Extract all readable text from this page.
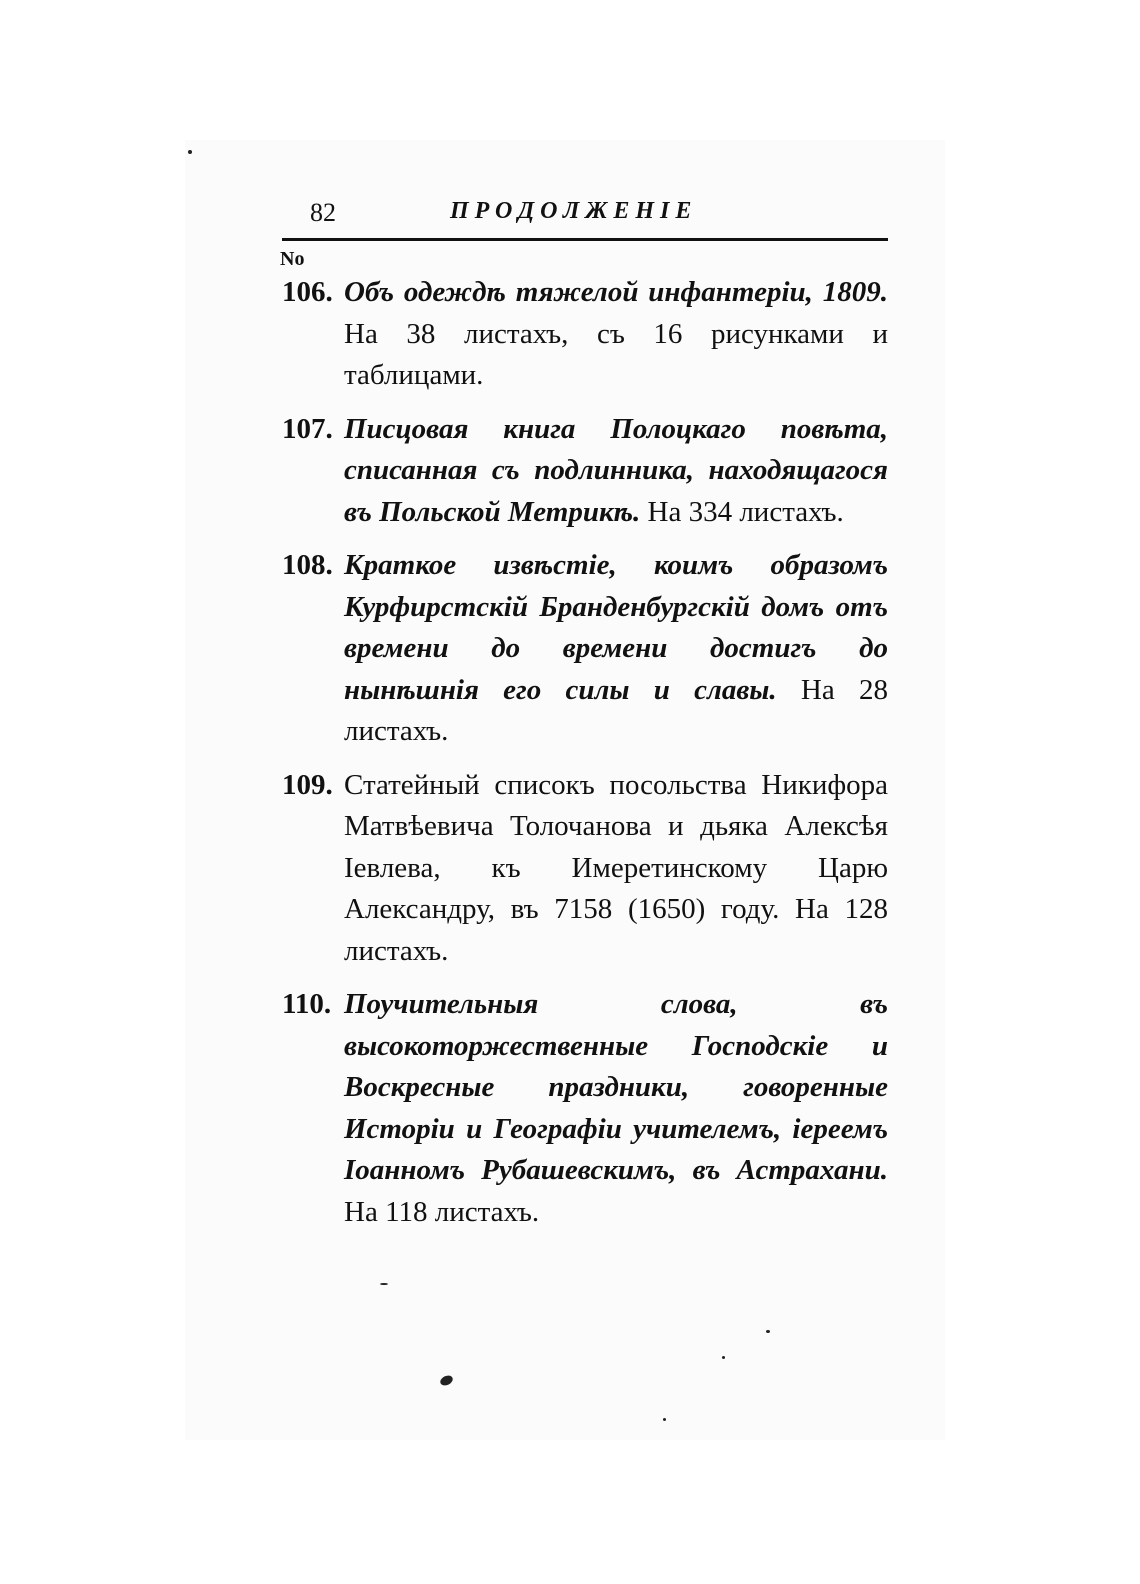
82	ПРОДОЛЖЕНІЕ
No
106. Объ одеждѣ тяжелой инфантеріи, 1809. На 38 листахъ, съ 16 рисунками и таблицами.
107. Писцовая книга Полоцкаго повѣта, списанная съ подлинника, находящагося въ Польской Метрикѣ. На 334 листахъ.
108. Краткое извѣстіе, коимъ образомъ Курфирстскій Бранденбургскій домъ отъ времени до времени достигъ до нынѣшнія его силы и славы. На 28 листахъ.
109. Статейный списокъ посольства Никифора Матвѣевича Толочанова и дьяка Алексѣя Іевлева, къ Имеретинскому Царю Александру, въ 7158 (1650) году. На 128 листахъ.
110. Поучительныя слова, въ высокоторжественные Господскіе и Воскресные праздники, говоренные Исторіи и Географіи учителемъ, іереемъ Іоанномъ Рубашевскимъ, въ Астрахани. На 118 листахъ.
